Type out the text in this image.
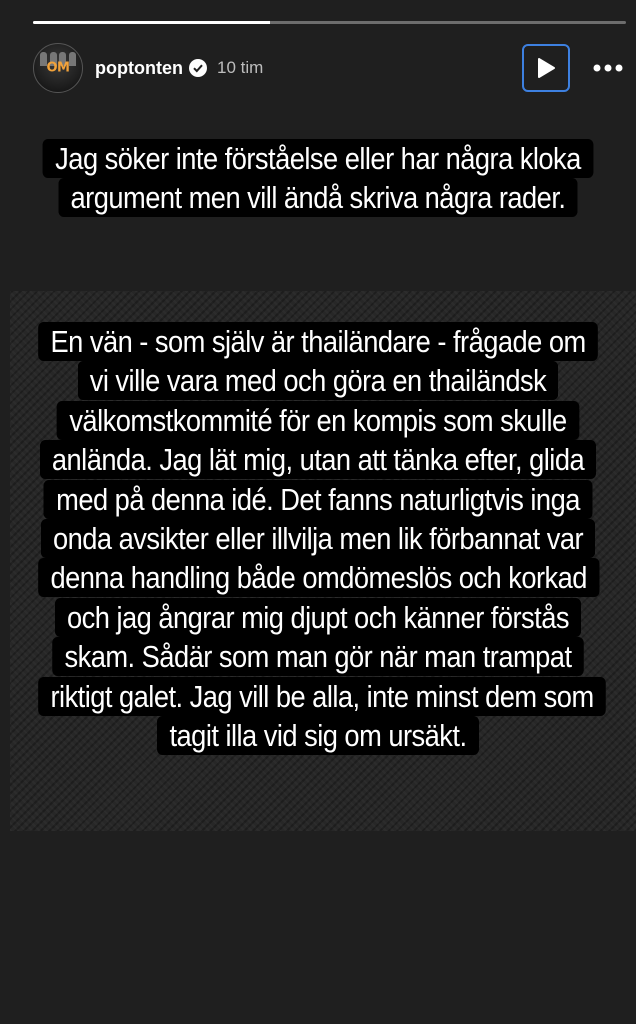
OM	poptonten 10 tim
Jag söker inte förståelse eller har några kloka argument men vill ändå skriva några rader.
En vän - som själv är thailändare - frågade om vi ville vara med och göra en thailändsk välkomstkommité för en kompis som skulle anlända. Jag lät mig, utan att tänka efter, glida med på denna idé. Det fanns naturligtvis inga onda avsikter eller illvilja men lik förbannat var denna handling både omdömeslös och korkad och jag ångrar mig djupt och känner förstås skam. Sådär som man gör när man trampat riktigt galet. Jag vill be alla, inte minst dem som tagit illa vid sig om ursäkt.
